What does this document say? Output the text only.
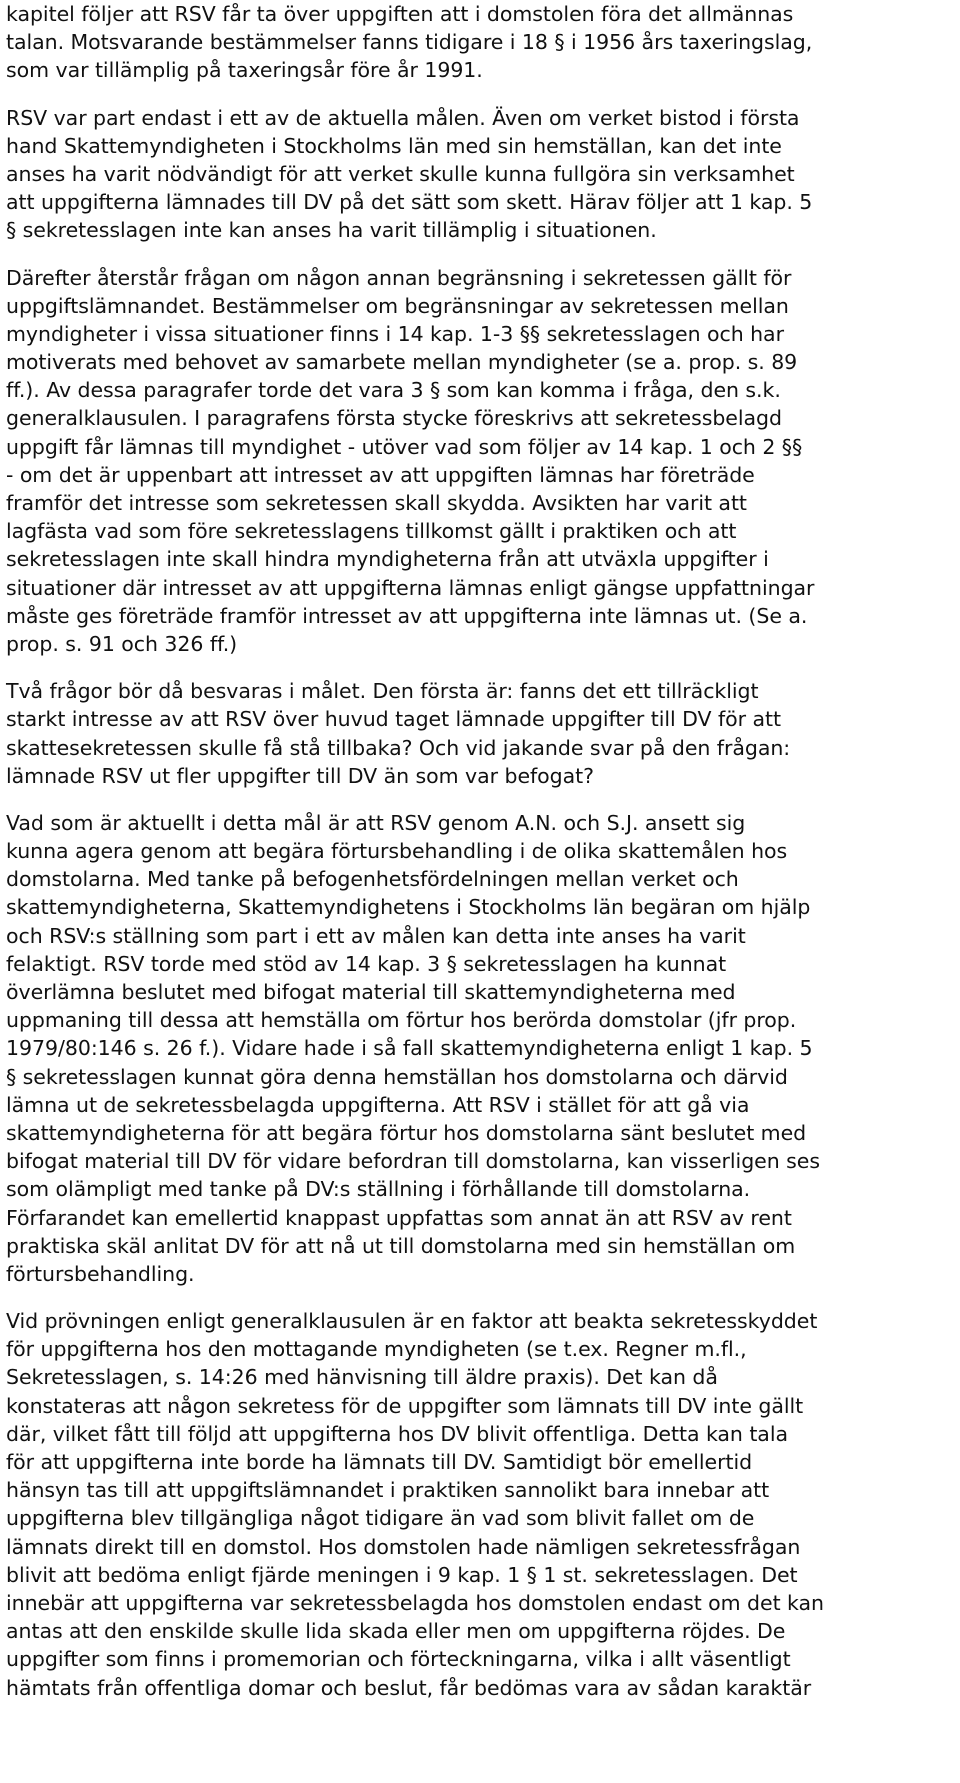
kapitel följer att RSV får ta över uppgiften att i domstolen föra det allmännas
talan. Motsvarande bestämmelser fanns tidigare i 18 § i 1956 års taxeringslag,
som var tillämplig på taxeringsår före år 1991.
RSV var part endast i ett av de aktuella målen. Även om verket bistod i första
hand Skattemyndigheten i Stockholms län med sin hemställan, kan det inte
anses ha varit nödvändigt för att verket skulle kunna fullgöra sin verksamhet
att uppgifterna lämnades till DV på det sätt som skett. Härav följer att 1 kap. 5
§ sekretesslagen inte kan anses ha varit tillämplig i situationen.
Därefter återstår frågan om någon annan begränsning i sekretessen gällt för
uppgiftslämnandet. Bestämmelser om begränsningar av sekretessen mellan
myndigheter i vissa situationer finns i 14 kap. 1-3 §§ sekretesslagen och har
motiverats med behovet av samarbete mellan myndigheter (se a. prop. s. 89
ff.). Av dessa paragrafer torde det vara 3 § som kan komma i fråga, den s.k.
generalklausulen. I paragrafens första stycke föreskrivs att sekretessbelagd
uppgift får lämnas till myndighet - utöver vad som följer av 14 kap. 1 och 2 §§
- om det är uppenbart att intresset av att uppgiften lämnas har företräde
framför det intresse som sekretessen skall skydda. Avsikten har varit att
lagfästa vad som före sekretesslagens tillkomst gällt i praktiken och att
sekretesslagen inte skall hindra myndigheterna från att utväxla uppgifter i
situationer där intresset av att uppgifterna lämnas enligt gängse uppfattningar
måste ges företräde framför intresset av att uppgifterna inte lämnas ut. (Se a.
prop. s. 91 och 326 ff.)
Två frågor bör då besvaras i målet. Den första är: fanns det ett tillräckligt
starkt intresse av att RSV över huvud taget lämnade uppgifter till DV för att
skattesekretessen skulle få stå tillbaka? Och vid jakande svar på den frågan:
lämnade RSV ut fler uppgifter till DV än som var befogat?
Vad som är aktuellt i detta mål är att RSV genom A.N. och S.J. ansett sig
kunna agera genom att begära förtursbehandling i de olika skattemålen hos
domstolarna. Med tanke på befogenhetsfördelningen mellan verket och
skattemyndigheterna, Skattemyndighetens i Stockholms län begäran om hjälp
och RSV:s ställning som part i ett av målen kan detta inte anses ha varit
felaktigt. RSV torde med stöd av 14 kap. 3 § sekretesslagen ha kunnat
överlämna beslutet med bifogat material till skattemyndigheterna med
uppmaning till dessa att hemställa om förtur hos berörda domstolar (jfr prop.
1979/80:146 s. 26 f.). Vidare hade i så fall skattemyndigheterna enligt 1 kap. 5
§ sekretesslagen kunnat göra denna hemställan hos domstolarna och därvid
lämna ut de sekretessbelagda uppgifterna. Att RSV i stället för att gå via
skattemyndigheterna för att begära förtur hos domstolarna sänt beslutet med
bifogat material till DV för vidare befordran till domstolarna, kan visserligen ses
som olämpligt med tanke på DV:s ställning i förhållande till domstolarna.
Förfarandet kan emellertid knappast uppfattas som annat än att RSV av rent
praktiska skäl anlitat DV för att nå ut till domstolarna med sin hemställan om
förtursbehandling.
Vid prövningen enligt generalklausulen är en faktor att beakta sekretesskyddet
för uppgifterna hos den mottagande myndigheten (se t.ex. Regner m.fl.,
Sekretesslagen, s. 14:26 med hänvisning till äldre praxis). Det kan då
konstateras att någon sekretess för de uppgifter som lämnats till DV inte gällt
där, vilket fått till följd att uppgifterna hos DV blivit offentliga. Detta kan tala
för att uppgifterna inte borde ha lämnats till DV. Samtidigt bör emellertid
hänsyn tas till att uppgiftslämnandet i praktiken sannolikt bara innebar att
uppgifterna blev tillgängliga något tidigare än vad som blivit fallet om de
lämnats direkt till en domstol. Hos domstolen hade nämligen sekretessfrågan
blivit att bedöma enligt fjärde meningen i 9 kap. 1 § 1 st. sekretesslagen. Det
innebär att uppgifterna var sekretessbelagda hos domstolen endast om det kan
antas att den enskilde skulle lida skada eller men om uppgifterna röjdes. De
uppgifter som finns i promemorian och förteckningarna, vilka i allt väsentligt
hämtats från offentliga domar och beslut, får bedömas vara av sådan karaktär
